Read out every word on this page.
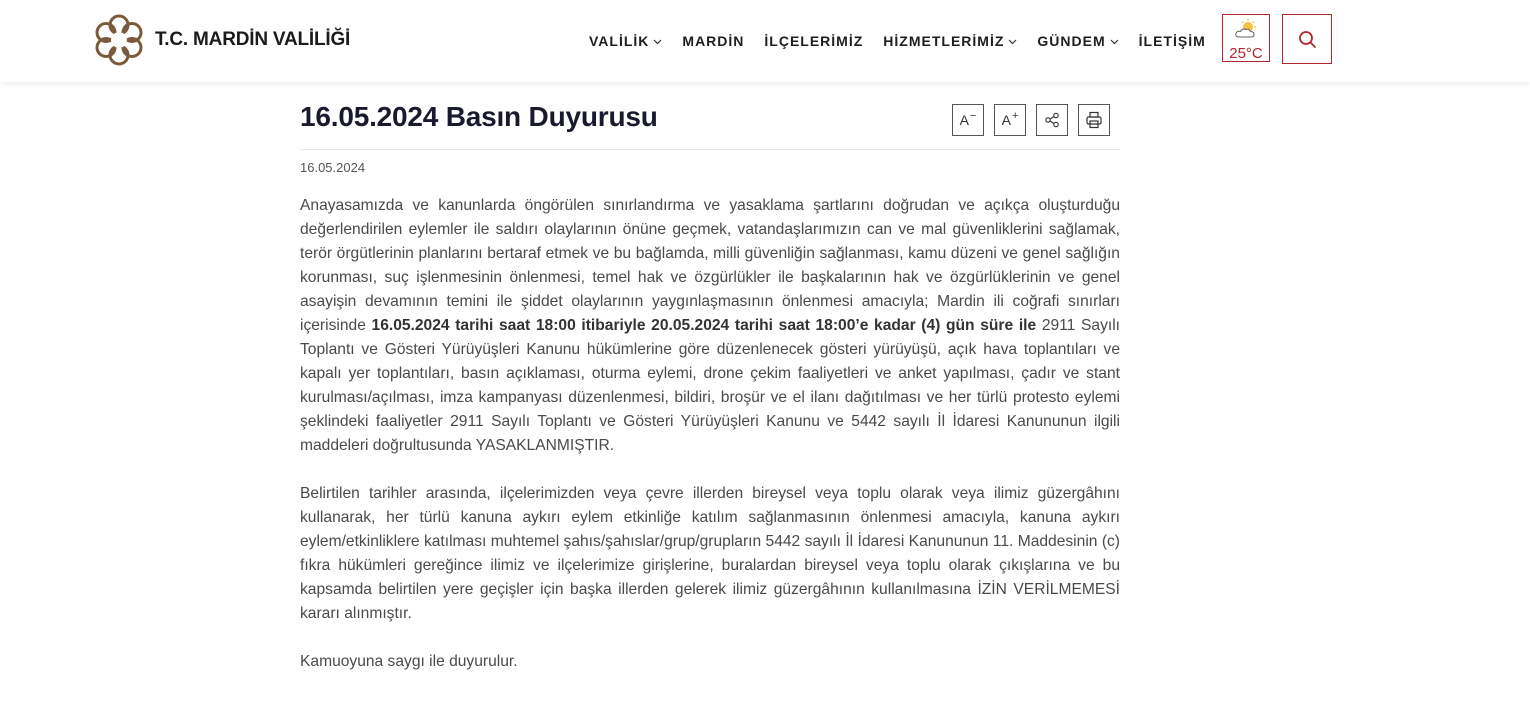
T.C. MARDİN VALİLİĞİ	VALİLİK MARDİN İLÇELERİMİZ HİZMETLERİMİZ GÜNDEM İLETİŞİM
25°C
16.05.2024 Basın Duyurusu	A− A+
16.05.2024

Anayasamızda ve kanunlarda öngörülen sınırlandırma ve yasaklama şartlarını doğrudan ve açıkça oluşturduğu değerlendirilen eylemler ile saldırı olaylarının önüne geçmek, vatandaşlarımızın can ve mal güvenliklerini sağlamak, terör örgütlerinin planlarını bertaraf etmek ve bu bağlamda, milli güvenliğin sağlanması, kamu düzeni ve genel sağlığın korunması, suç işlenmesinin önlenmesi, temel hak ve özgürlükler ile başkalarının hak ve özgürlüklerinin ve genel asayişin devamının temini ile şiddet olaylarının yaygınlaşmasının önlenmesi amacıyla; Mardin ili coğrafi sınırları içerisinde 16.05.2024 tarihi saat 18:00 itibariyle 20.05.2024 tarihi saat 18:00’e kadar (4) gün süre ile 2911 Sayılı Toplantı ve Gösteri Yürüyüşleri Kanunu hükümlerine göre düzenlenecek gösteri yürüyüşü, açık hava toplantıları ve kapalı yer toplantıları, basın açıklaması, oturma eylemi, drone çekim faaliyetleri ve anket yapılması, çadır ve stant kurulması/açılması, imza kampanyası düzenlenmesi, bildiri, broşür ve el ilanı dağıtılması ve her türlü protesto eylemi şeklindeki faaliyetler 2911 Sayılı Toplantı ve Gösteri Yürüyüşleri Kanunu ve 5442 sayılı İl İdaresi Kanununun ilgili maddeleri doğrultusunda YASAKLANMIŞTIR.

Belirtilen tarihler arasında, ilçelerimizden veya çevre illerden bireysel veya toplu olarak veya ilimiz güzergâhını kullanarak, her türlü kanuna aykırı eylem etkinliğe katılım sağlanmasının önlenmesi amacıyla, kanuna aykırı eylem/etkinliklere katılması muhtemel şahıs/şahıslar/grup/grupların 5442 sayılı İl İdaresi Kanununun 11. Maddesinin (c) fıkra hükümleri gereğince ilimiz ve ilçelerimize girişlerine, buralardan bireysel veya toplu olarak çıkışlarına ve bu kapsamda belirtilen yere geçişler için başka illerden gelerek ilimiz güzergâhının kullanılmasına İZİN VERİLMEMESİ kararı alınmıştır.

Kamuoyuna saygı ile duyurulur.
